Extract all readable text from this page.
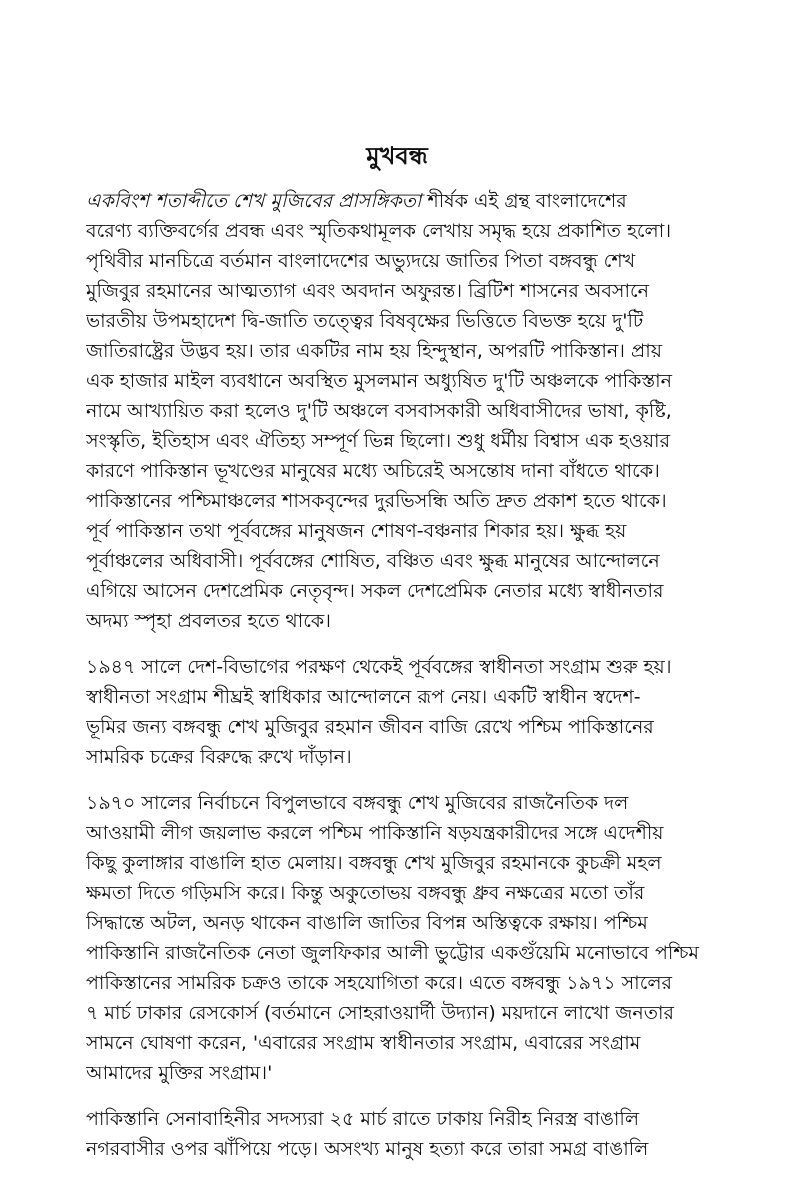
মুখবন্ধ
একবিংশ শতাব্দীতে শেখ মুজিবের প্রাসঙ্গিকতা শীর্ষক এই গ্রন্থ বাংলাদেশের
বরেণ্য ব্যক্তিবর্গের প্রবন্ধ এবং স্মৃতিকথামূলক লেখায় সমৃদ্ধ হয়ে প্রকাশিত হলো।
পৃথিবীর মানচিত্রে বর্তমান বাংলাদেশের অভ্যুদয়ে জাতির পিতা বঙ্গবন্ধু শেখ
মুজিবুর রহমানের আত্মত্যাগ এবং অবদান অফুরন্ত। ব্রিটিশ শাসনের অবসানে
ভারতীয় উপমহাদেশ দ্বি-জাতি তত্ত্বের বিষবৃক্ষের ভিত্তিতে বিভক্ত হয়ে দু'টি
জাতিরাষ্ট্রের উদ্ভব হয়। তার একটির নাম হয় হিন্দুস্থান, অপরটি পাকিস্তান। প্রায়
এক হাজার মাইল ব্যবধানে অবস্থিত মুসলমান অধ্যুষিত দু'টি অঞ্চলকে পাকিস্তান
নামে আখ্যায়িত করা হলেও দু'টি অঞ্চলে বসবাসকারী অধিবাসীদের ভাষা, কৃষ্টি,
সংস্কৃতি, ইতিহাস এবং ঐতিহ্য সম্পূর্ণ ভিন্ন ছিলো। শুধু ধর্মীয় বিশ্বাস এক হওয়ার
কারণে পাকিস্তান ভূখণ্ডের মানুষের মধ্যে অচিরেই অসন্তোষ দানা বাঁধতে থাকে।
পাকিস্তানের পশ্চিমাঞ্চলের শাসকবৃন্দের দুরভিসন্ধি অতি দ্রুত প্রকাশ হতে থাকে।
পূর্ব পাকিস্তান তথা পূর্ববঙ্গের মানুষজন শোষণ-বঞ্চনার শিকার হয়। ক্ষুব্ধ হয়
পূর্বাঞ্চলের অধিবাসী। পূর্ববঙ্গের শোষিত, বঞ্চিত এবং ক্ষুব্ধ মানুষের আন্দোলনে
এগিয়ে আসেন দেশপ্রেমিক নেতৃবৃন্দ। সকল দেশপ্রেমিক নেতার মধ্যে স্বাধীনতার
অদম্য স্পৃহা প্রবলতর হতে থাকে।
১৯৪৭ সালে দেশ-বিভাগের পরক্ষণ থেকেই পূর্ববঙ্গের স্বাধীনতা সংগ্রাম শুরু হয়।
স্বাধীনতা সংগ্রাম শীঘ্রই স্বাধিকার আন্দোলনে রূপ নেয়। একটি স্বাধীন স্বদেশ-
ভূমির জন্য বঙ্গবন্ধু শেখ মুজিবুর রহমান জীবন বাজি রেখে পশ্চিম পাকিস্তানের
সামরিক চক্রের বিরুদ্ধে রুখে দাঁড়ান।
১৯৭০ সালের নির্বাচনে বিপুলভাবে বঙ্গবন্ধু শেখ মুজিবের রাজনৈতিক দল
আওয়ামী লীগ জয়লাভ করলে পশ্চিম পাকিস্তানি ষড়যন্ত্রকারীদের সঙ্গে এদেশীয়
কিছু কুলাঙ্গার বাঙালি হাত মেলায়। বঙ্গবন্ধু শেখ মুজিবুর রহমানকে কুচক্রী মহল
ক্ষমতা দিতে গড়িমসি করে। কিন্তু অকুতোভয় বঙ্গবন্ধু ধ্রুব নক্ষত্রের মতো তাঁর
সিদ্ধান্তে অটল, অনড় থাকেন বাঙালি জাতির বিপন্ন অস্তিত্বকে রক্ষায়। পশ্চিম
পাকিস্তানি রাজনৈতিক নেতা জুলফিকার আলী ভুট্টোর একগুঁয়েমি মনোভাবে পশ্চিম
পাকিস্তানের সামরিক চক্রও তাকে সহযোগিতা করে। এতে বঙ্গবন্ধু ১৯৭১ সালের
৭ মার্চ ঢাকার রেসকোর্স (বর্তমানে সোহরাওয়ার্দী উদ্যান) ময়দানে লাখো জনতার
সামনে ঘোষণা করেন, 'এবারের সংগ্রাম স্বাধীনতার সংগ্রাম, এবারের সংগ্রাম
আমাদের মুক্তির সংগ্রাম।'
পাকিস্তানি সেনাবাহিনীর সদস্যরা ২৫ মার্চ রাতে ঢাকায় নিরীহ নিরস্ত্র বাঙালি
নগরবাসীর ওপর ঝাঁপিয়ে পড়ে। অসংখ্য মানুষ হত্যা করে তারা সমগ্র বাঙালি
